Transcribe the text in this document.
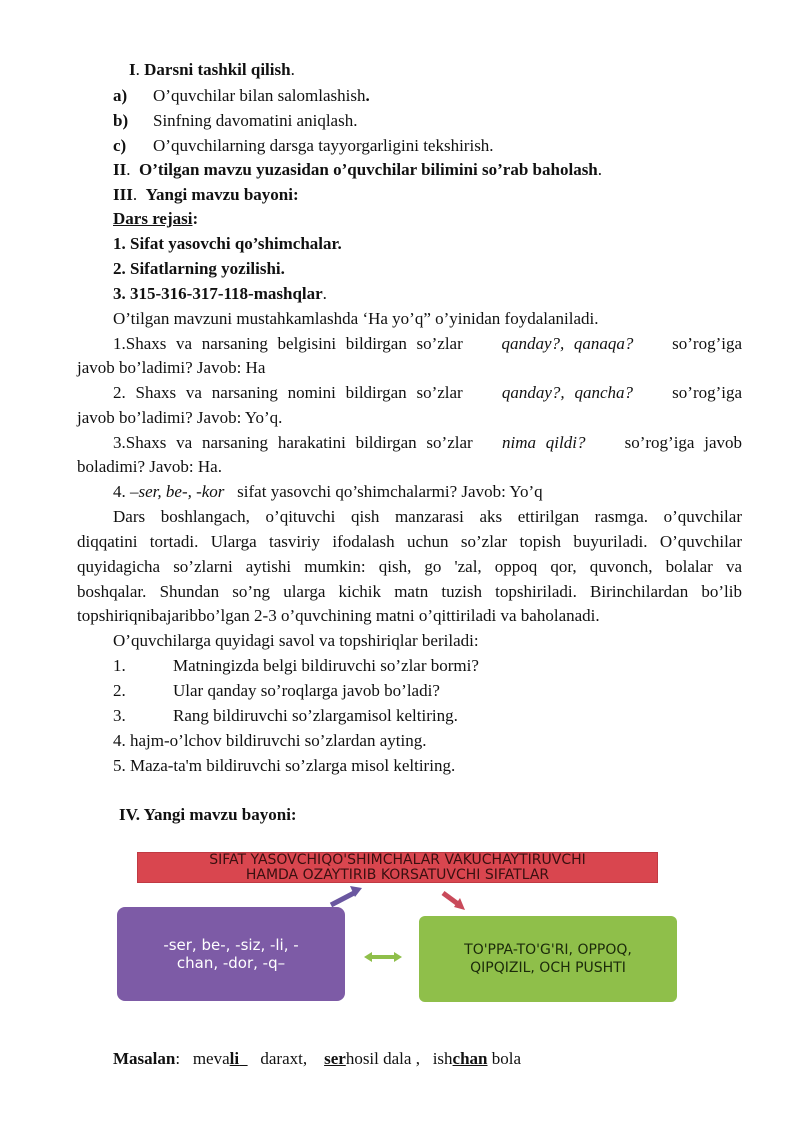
I. Darsni tashkil qilish.
a) O’quvchilar bilan salomlashish.
b) Sinfning davomatini aniqlash.
c) O’quvchilarning darsga tayyorgarligini tekshirish.
II.  O’tilgan mavzu yuzasidan o’quvchilar bilimini so’rab baholash.
III.  Yangi mavzu bayoni:
Dars rejasi:
1. Sifat yasovchi qo’shimchalar.
2. Sifatlarning yozilishi.
3. 315-316-317-118-mashqlar.
O’tilgan mavzuni mustahkamlashda ‘Ha yo’q” o’yinidan foydalaniladi.
1.Shaxs va narsaning belgisini bildirgan so’zlar qanday?, qanaqa? so’rog’iga
javob bo’ladimi? Javob: Ha
2. Shaxs va narsaning nomini bildirgan so’zlar qanday?, qancha? so’rog’iga
javob bo’ladimi? Javob: Yo’q.
3.Shaxs va narsaning harakatini bildirgan so’zlar nima qildi? so’rog’iga javob
boladimi? Javob: Ha.
4. –ser, be-, -kor sifat yasovchi qo’shimchalarmi? Javob: Yo’q
Dars boshlangach, o’qituvchi qish manzarasi aks ettirilgan rasmga. o’quvchilar
diqqatini tortadi. Ularga tasviriy ifodalash uchun so’zlar topish buyuriladi. O’quvchilar
quyidagicha so’zlarni aytishi mumkin: qish, go 'zal, oppoq qor, quvonch, bolalar va
boshqalar. Shundan so’ng ularga kichik matn tuzish topshiriladi. Birinchilardan bo’lib
topshiriqnibajaribbo’lgan 2-3 o’quvchining matni o’qittiriladi va baholanadi.
O’quvchilarga quyidagi savol va topshiriqlar beriladi:
1.	Matningizda belgi bildiruvchi so’zlar bormi?
2.	Ular qanday so’roqlarga javob bo’ladi?
3.	Rang bildiruvchi so’zlargamisol keltiring.
4. hajm-o’lchov bildiruvchi so’zlardan ayting.
5. Maza-ta'm bildiruvchi so’zlarga misol keltiring.
IV. Yangi mavzu bayoni:
SIFAT YASOVCHIQO'SHIMCHALAR VAKUCHAYTIRUVCHI
HAMDA OZAYTIRIB KORSATUVCHI SIFATLAR
-ser, be-, -siz, -li, -
chan, -dor, -q–
TO'PPA-TO'G'RI, OPPOQ,
QIPQIZIL, OCH PUSHTI
Masalan: mevali daraxt, serhosil dala , ishchan bola
